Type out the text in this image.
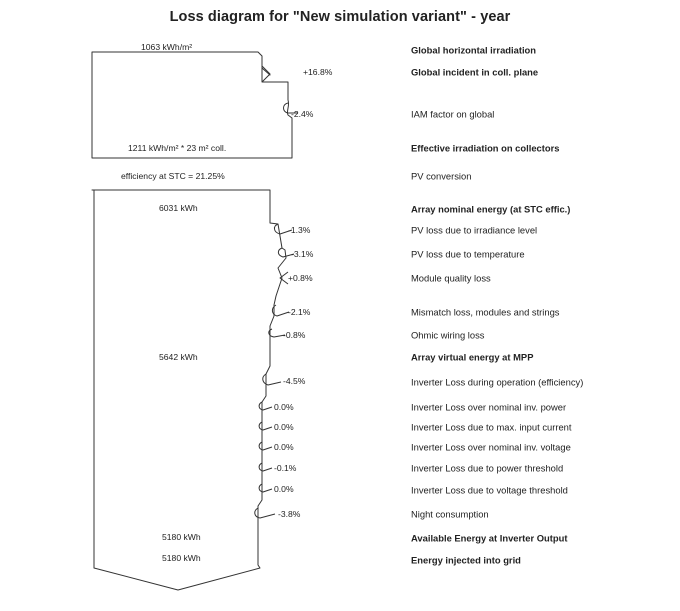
Loss diagram for "New simulation variant" - year
1063 kWh/m²
1211 kWh/m² * 23 m² coll.
efficiency at STC = 21.25%
6031 kWh
5642 kWh
5180 kWh
5180 kWh
+16.8%
-2.4%
-1.3%
-3.1%
+0.8%
-2.1%
-0.8%
-4.5%
0.0%
0.0%
0.0%
-0.1%
0.0%
-3.8%
Global horizontal irradiation
Global incident in coll. plane
IAM factor on global
Effective irradiation on collectors
PV conversion
Array nominal energy (at STC effic.)
PV loss due to irradiance level
PV loss due to temperature
Module quality loss
Mismatch loss, modules and strings
Ohmic wiring loss
Array virtual energy at MPP
Inverter Loss during operation (efficiency)
Inverter Loss over nominal inv. power
Inverter Loss due to max. input current
Inverter Loss over nominal inv. voltage
Inverter Loss due to power threshold
Inverter Loss due to voltage threshold
Night consumption
Available Energy at Inverter Output
Energy injected into grid
